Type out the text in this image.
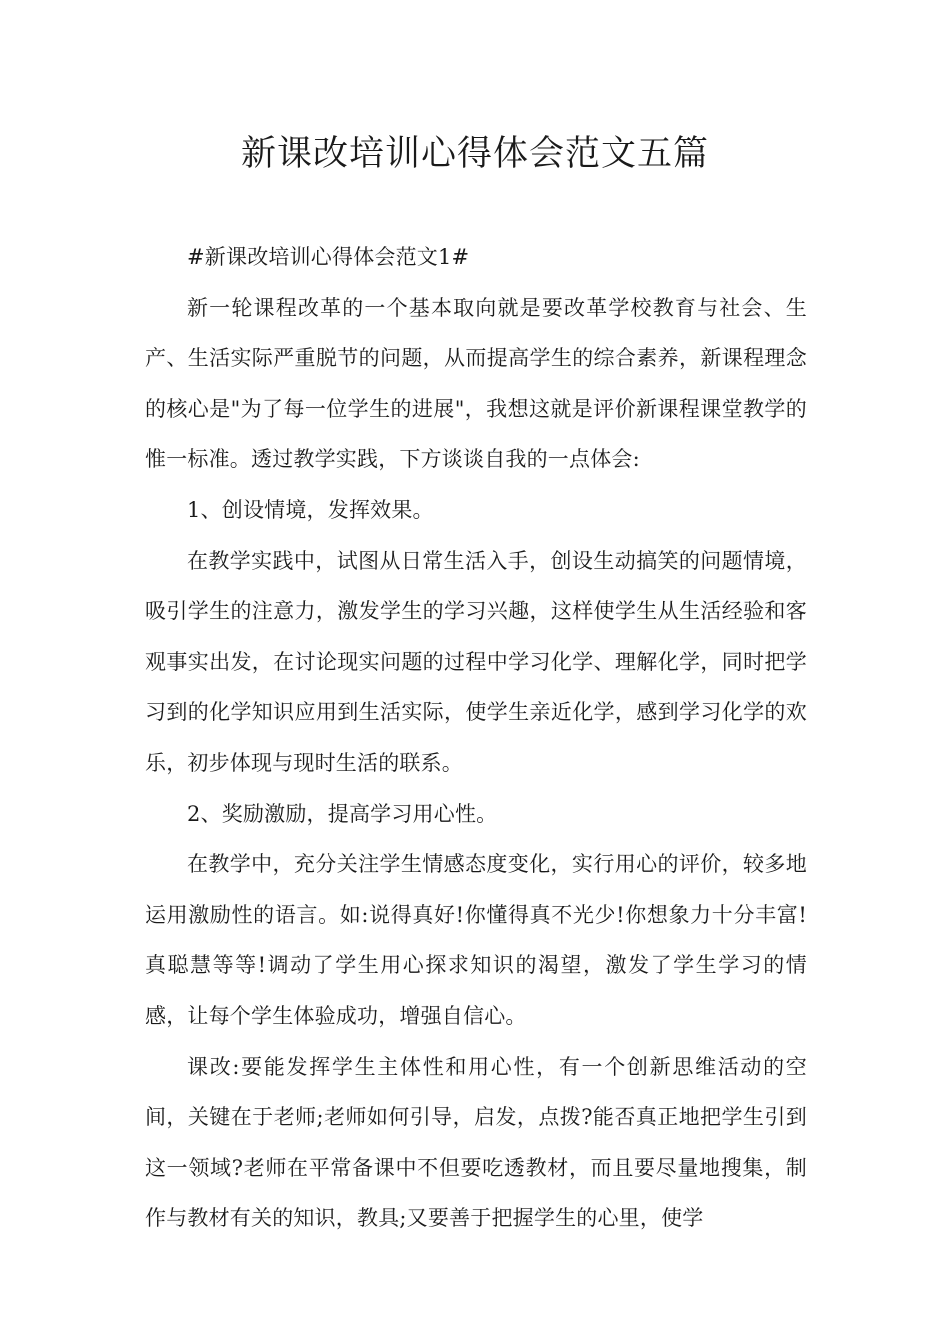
新课改培训心得体会范文五篇

#新课改培训心得体会范文1#

新一轮课程改革的一个基本取向就是要改革学校教育与社会、生产、生活实际严重脱节的问题，从而提高学生的综合素养，新课程理念的核心是"为了每一位学生的进展"，我想这就是评价新课程课堂教学的惟一标准。透过教学实践，下方谈谈自我的一点体会:

1、创设情境，发挥效果。

在教学实践中，试图从日常生活入手，创设生动搞笑的问题情境，吸引学生的注意力，激发学生的学习兴趣，这样使学生从生活经验和客观事实出发，在讨论现实问题的过程中学习化学、理解化学，同时把学习到的化学知识应用到生活实际，使学生亲近化学，感到学习化学的欢乐，初步体现与现时生活的联系。

2、奖励激励，提高学习用心性。

在教学中，充分关注学生情感态度变化，实行用心的评价，较多地运用激励性的语言。如:说得真好!你懂得真不光少!你想象力十分丰富!真聪慧等等!调动了学生用心探求知识的渴望，激发了学生学习的情感，让每个学生体验成功，增强自信心。

课改:要能发挥学生主体性和用心性，有一个创新思维活动的空间，关键在于老师;老师如何引导，启发，点拨?能否真正地把学生引到这一领域?老师在平常备课中不但要吃透教材，而且要尽量地搜集，制作与教材有关的知识，教具;又要善于把握学生的心里，使学
